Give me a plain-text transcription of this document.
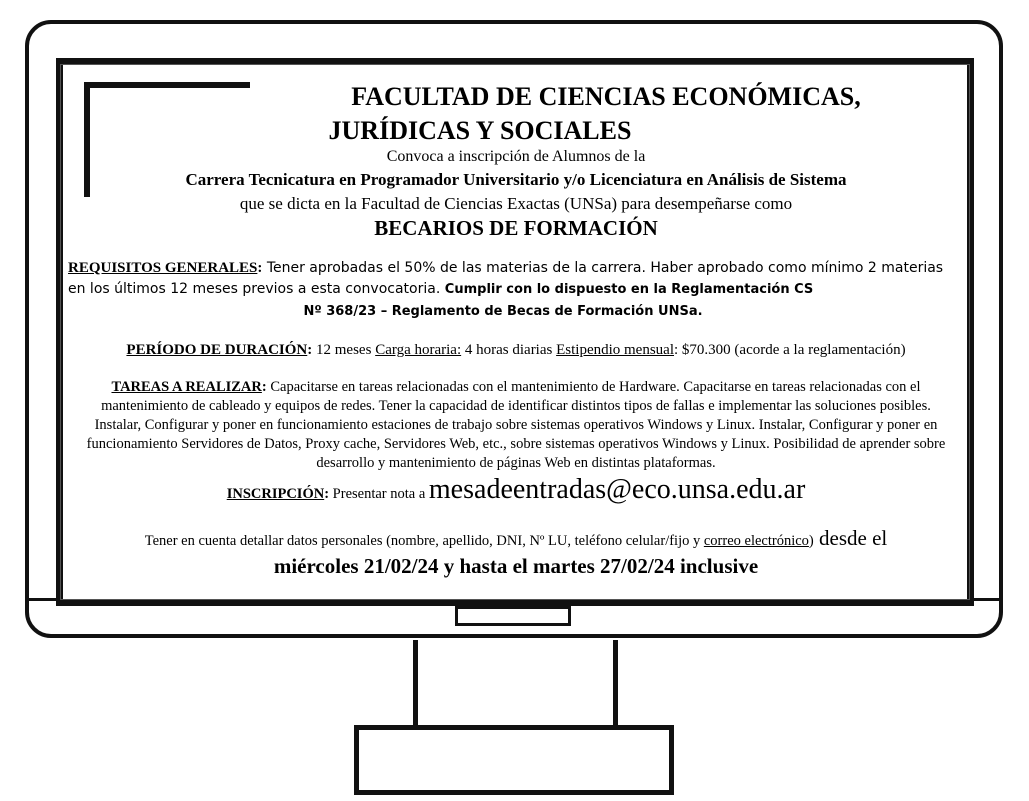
FACULTAD DE CIENCIAS ECONÓMICAS,
JURÍDICAS Y SOCIALES
Convoca a inscripción de Alumnos de la
Carrera Tecnicatura en Programador Universitario y/o Licenciatura en Análisis de Sistema
que se dicta en la Facultad de Ciencias Exactas (UNSa) para desempeñarse como
BECARIOS DE FORMACIÓN
REQUISITOS GENERALES: Tener aprobadas el 50% de las materias de la carrera. Haber aprobado como mínimo 2 materias en los últimos 12 meses previos a esta convocatoria. Cumplir con lo dispuesto en la Reglamentación CS
Nº 368/23 – Reglamento de Becas de Formación UNSa.
PERÍODO DE DURACIÓN: 12 meses Carga horaria: 4 horas diarias Estipendio mensual: $70.300 (acorde a la reglamentación)
TAREAS A REALIZAR: Capacitarse en tareas relacionadas con el mantenimiento de Hardware. Capacitarse en tareas relacionadas con el mantenimiento de cableado y equipos de redes. Tener la capacidad de identificar distintos tipos de fallas e implementar las soluciones posibles. Instalar, Configurar y poner en funcionamiento estaciones de trabajo sobre sistemas operativos Windows y Linux. Instalar, Configurar y poner en funcionamiento Servidores de Datos, Proxy cache, Servidores Web, etc., sobre sistemas operativos Windows y Linux. Posibilidad de aprender sobre desarrollo y mantenimiento de páginas Web en distintas plataformas.
INSCRIPCIÓN: Presentar nota a mesadeentradas@eco.unsa.edu.ar
Tener en cuenta detallar datos personales (nombre, apellido, DNI, Nº LU, teléfono celular/fijo y correo electrónico) desde el
miércoles 21/02/24 y hasta el martes 27/02/24 inclusive
